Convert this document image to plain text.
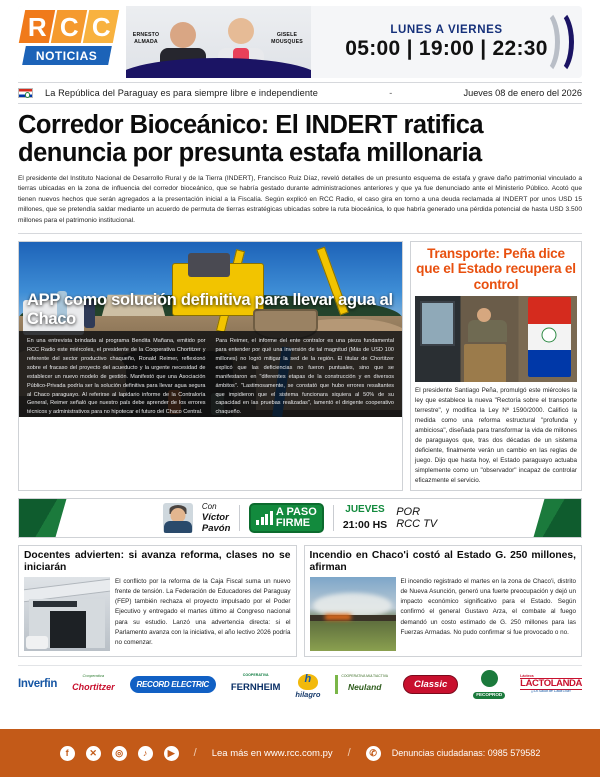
R C C
NOTICIAS
ERNESTO
ALMADA
GISELE
MOUSQUES
LUNES A VIERNES
05:00 | 19:00 | 22:30
La República del Paraguay es para siempre libre e independiente	-	Jueves 08 de enero del 2026
Corredor Bioceánico: El INDERT ratifica denuncia por presunta estafa millonaria

El presidente del Instituto Nacional de Desarrollo Rural y de la Tierra (INDERT), Francisco Ruiz Díaz, reveló detalles de un presunto esquema de estafa y grave daño patrimonial vinculado a tierras ubicadas en la zona de influencia del corredor bioceánico, que se habría gestado durante administraciones anteriores y que ya fue denunciado ante el Ministerio Público. Acotó que tienen nuevos hechos que serán agregados a la presentación inicial a la Fiscalía. Según explicó en RCC Radio, el caso gira en torno a una deuda reclamada al INDERT por unos USD 15 millones, que se pretendía saldar mediante un acuerdo de permuta de tierras estratégicas ubicadas sobre la ruta bioceánica, lo que habría generado una pérdida potencial de hasta USD 3.500 millones para el patrimonio institucional.

APP como solución definitiva para llevar agua al Chaco

En una entrevista brindada al programa Bendita Mañana, emitido por RCC Radio este miércoles, el presidente de la Cooperativa Chortitzer y referente del sector productivo chaqueño, Ronald Reimer, reflexionó sobre el fracaso del proyecto del acueducto y la urgente necesidad de establecer un nuevo modelo de gestión. Manifestó que una Asociación Público-Privada podría ser la solución definitiva para llevar agua segura al Chaco paraguayo. Al referirse al lapidario informe de la Contraloría General, Reimer señaló que nuestro país debe aprender de los errores técnicos y administrativos para no hipotecar el futuro del Chaco Central.

Para Reimer, el informe del ente contralor es una pieza fundamental para entender por qué una inversión de tal magnitud (Más de USD 100 millones) no logró mitigar la sed de la región. El titular de Chortitzer explicó que las deficiencias no fueron puntuales, sino que se manifestaron en "diferentes etapas de la construcción y en diversos ámbitos". "Lastimosamente, se constató que hubo errores resaltantes que impidieron que el sistema funcionara siquiera al 50% de su capacidad en las pruebas realizadas", lamentó el dirigente cooperativo chaqueño.

Transporte: Peña dice que el Estado recupera el control
El presidente Santiago Peña, promulgó este miércoles la ley que establece la nueva "Rectoría sobre el transporte terrestre", y modifica la Ley Nº 1590/2000. Calificó la medida como una reforma estructural "profunda y ambiciosa", diseñada para transformar la vida de millones de paraguayos que, tras dos décadas de un sistema deficiente, finalmente verán un cambio en las reglas de juego. Dijo que hasta hoy, el Estado paraguayo actuaba simplemente como un "observador" incapaz de controlar eficazmente el servicio.
Con
Víctor
Pavón
A PASO
FIRME
JUEVES
21:00 HS
POR
RCC TV
Docentes advierten: si avanza reforma, clases no se iniciarán

El conflicto por la reforma de la Caja Fiscal suma un nuevo frente de tensión. La Federación de Educadores del Paraguay (FEP) también rechaza el proyecto impulsado por el Poder Ejecutivo y entregado el martes último al Congreso nacional para su estudio. Lanzó una advertencia directa: si el Parlamento avanza con la iniciativa, el año lectivo 2026 podría no comenzar.

Incendio en Chaco'i costó al Estado G. 250 millones, afirman

El incendio registrado el martes en la zona de Chaco'i, distrito de Nueva Asunción, generó una fuerte preocupación y dejó un impacto económico significativo para el Estado. Según confirmó el general Gustavo Arza, el combate al fuego demandó un costo estimado de G. 250 millones para las Fuerzas Armadas. No pudo confirmar si fue provocado o no.

Inverfin
Cooperativa
Chortitzer	RECORD ELECTRIC
COOPERATIVA
FERNHEIM
h
hilagro
COOPERATIVA MULTIACTIVA
Neuland	Classic
FECOPROD
Lácteos
LACTOLANDA
¡¡La Salud de Cada Día!!
f	✕	◎	♪	▶	/ Lea más en www.rcc.com.py /	✆	Denuncias ciudadanas: 0985 579582
